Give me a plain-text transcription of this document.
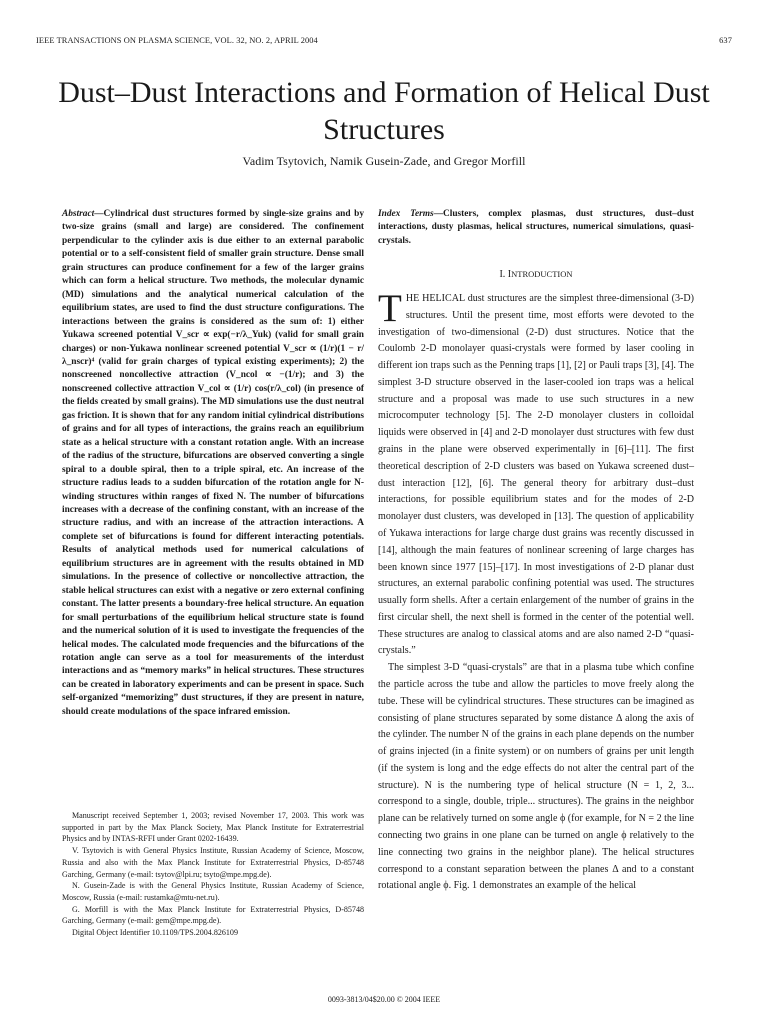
IEEE TRANSACTIONS ON PLASMA SCIENCE, VOL. 32, NO. 2, APRIL 2004	637
Dust–Dust Interactions and Formation of Helical Dust Structures
Vadim Tsytovich, Namik Gusein-Zade, and Gregor Morfill
Abstract—Cylindrical dust structures formed by single-size grains and by two-size grains (small and large) are considered. The confinement perpendicular to the cylinder axis is due either to an external parabolic potential or to a self-consistent field of smaller grain structure. Dense small grain structures can produce confinement for a few of the larger grains which can form a helical structure. Two methods, the molecular dynamic (MD) simulations and the analytical numerical calculation of the equilibrium states, are used to find the dust structure configurations. The interactions between the grains is considered as the sum of: 1) either Yukawa screened potential V_scr ∝ exp(−r/λ_Yuk) (valid for small grain charges) or non-Yukawa nonlinear screened potential V_scr ∝ (1/r)(1 − r/λ_nscr)⁴ (valid for grain charges of typical existing experiments); 2) the nonscreened noncollective attraction (V_ncol ∝ −(1/r); and 3) the nonscreened collective attraction V_col ∝ (1/r) cos(r/λ_col) (in presence of the fields created by small grains). The MD simulations use the dust neutral gas friction. It is shown that for any random initial cylindrical distributions of grains and for all types of interactions, the grains reach an equilibrium state as a helical structure with a constant rotation angle. With an increase of the radius of the structure, bifurcations are observed converting a single spiral to a double spiral, then to a triple spiral, etc. An increase of the structure radius leads to a sudden bifurcation of the rotation angle for N-winding structures within ranges of fixed N. The number of bifurcations increases with a decrease of the confining constant, with an increase of the structure radius, and with an increase of the attraction interactions. A complete set of bifurcations is found for different interacting potentials. Results of analytical methods used for numerical calculations of equilibrium structures are in agreement with the results obtained in MD simulations. In the presence of collective or noncollective attraction, the stable helical structures can exist with a negative or zero external confining constant. The latter presents a boundary-free helical structure. An equation for small perturbations of the equilibrium helical structure state is found and the numerical solution of it is used to investigate the frequencies of the helical modes. The calculated mode frequencies and the bifurcations of the rotation angle can serve as a tool for measurements of the interdust interactions and as “memory marks” in helical structures. These structures can be created in laboratory experiments and can be present in space. Such self-organized “memorizing” dust structures, if they are present in nature, should create modulations of the space infrared emission.

Manuscript received September 1, 2003; revised November 17, 2003. This work was supported in part by the Max Planck Society, Max Planck Institute for Extraterrestrial Physics and by INTAS-RFFI under Grant 0202-16439.

V. Tsytovich is with General Physics Institute, Russian Academy of Science, Moscow, Russia and also with the Max Planck Institute for Extraterrestrial Physics, D-85748 Garching, Germany (e-mail: tsytov@lpi.ru; tsyto@mpe.mpg.de).

N. Gusein-Zade is with the General Physics Institute, Russian Academy of Science, Moscow, Russia (e-mail: rustamka@mtu-net.ru).

G. Morfill is with the Max Planck Institute for Extraterrestrial Physics, D-85748 Garching, Germany (e-mail: gem@mpe.mpg.de).

Digital Object Identifier 10.1109/TPS.2004.826109

Index Terms—Clusters, complex plasmas, dust structures, dust–dust interactions, dusty plasmas, helical structures, numerical simulations, quasi-crystals.
I. INTRODUCTION

THE HELICAL dust structures are the simplest three-dimensional (3-D) structures. Until the present time, most efforts were devoted to the investigation of two-dimensional (2-D) dust structures. Notice that the Coulomb 2-D monolayer quasi-crystals were formed by laser cooling in different ion traps such as the Penning traps [1], [2] or Pauli traps [3], [4]. The simplest 3-D structure observed in the laser-cooled ion traps was a helical structure and a proposal was made to use such structures in a new microcomputer technology [5]. The 2-D monolayer clusters in colloidal liquids were observed in [4] and 2-D monolayer dust structures with few dust grains in the plane were observed experimentally in [6]–[11]. The first theoretical description of 2-D clusters was based on Yukawa screened dust–dust interaction [12], [6]. The general theory for arbitrary dust–dust interactions, for possible equilibrium states and for the modes of 2-D monolayer dust clusters, was developed in [13]. The question of applicability of Yukawa interactions for large charge dust grains was recently discussed in [14], although the main features of nonlinear screening of large charges has been known since 1977 [15]–[17]. In most investigations of 2-D planar dust structures, an external parabolic confining potential was used. The structures usually form shells. After a certain enlargement of the number of grains in the first circular shell, the next shell is formed in the center of the potential well. These structures are analog to classical atoms and are also named 2-D “quasi-crystals.”

The simplest 3-D “quasi-crystals” are that in a plasma tube which confine the particle across the tube and allow the particles to move freely along the tube. These will be cylindrical structures. These structures can be imagined as consisting of plane structures separated by some distance Δ along the axis of the cylinder. The number N of the grains in each plane depends on the number of grains injected (in a finite system) or on numbers of grains per unit length (if the system is long and the edge effects do not alter the central part of the structure). N is the numbering type of helical structure (N = 1, 2, 3... correspond to a single, double, triple... structures). The grains in the neighbor plane can be relatively turned on some angle ϕ (for example, for N = 2 the line connecting two grains in one plane can be turned on angle ϕ relatively to the line connecting two grains in the neighbor plane). The helical structures correspond to a constant separation between the planes Δ and to a constant rotational angle ϕ. Fig. 1 demonstrates an example of the helical

0093-3813/04$20.00 © 2004 IEEE
